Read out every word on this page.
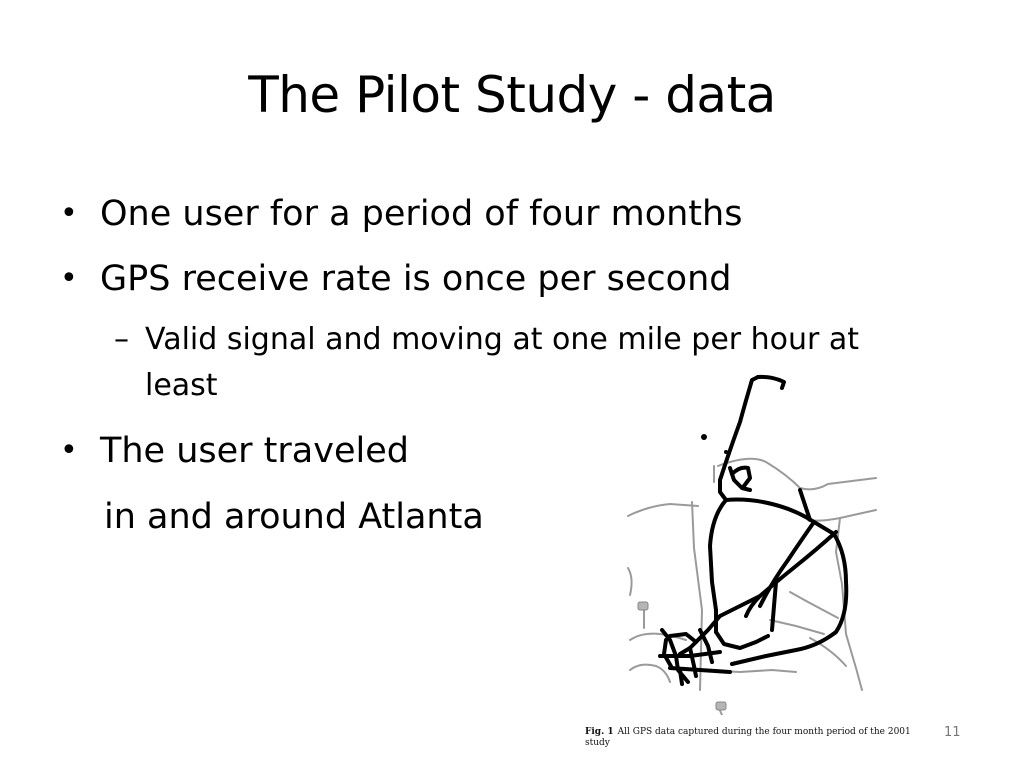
The Pilot Study - data
• One user for a period of four months
• GPS receive rate is once per second
– Valid signal and moving at one mile per hour at
least
• The user traveled
in and around Atlanta
Fig. 1 All GPS data captured during the four month period of the 2001 study
11
